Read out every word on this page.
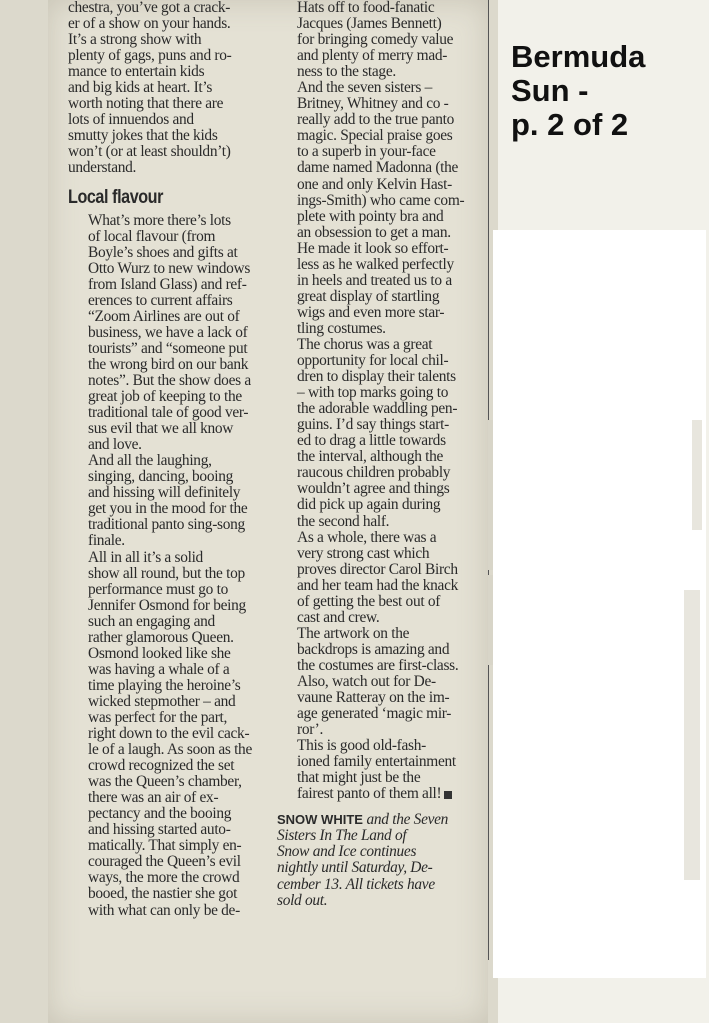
chestra, you’ve got a crack-
er of a show on your hands.
It’s a strong show with
plenty of gags, puns and ro-
mance to entertain kids
and big kids at heart. It’s
worth noting that there are
lots of innuendos and
smutty jokes that the kids
won’t (or at least shouldn’t)
understand.

Local flavour

What’s more there’s lots
of local flavour (from
Boyle’s shoes and gifts at
Otto Wurz to new windows
from Island Glass) and ref-
erences to current affairs
“Zoom Airlines are out of
business, we have a lack of
tourists” and “someone put
the wrong bird on our bank
notes”. But the show does a
great job of keeping to the
traditional tale of good ver-
sus evil that we all know
and love.

And all the laughing,
singing, dancing, booing
and hissing will definitely
get you in the mood for the
traditional panto sing-song
finale.

All in all it’s a solid
show all round, but the top
performance must go to
Jennifer Osmond for being
such an engaging and
rather glamorous Queen.

Osmond looked like she
was having a whale of a
time playing the heroine’s
wicked stepmother – and
was perfect for the part,
right down to the evil cack-
le of a laugh. As soon as the
crowd recognized the set
was the Queen’s chamber,
there was an air of ex-
pectancy and the booing
and hissing started auto-
matically. That simply en-
couraged the Queen’s evil
ways, the more the crowd
booed, the nastier she got
with what can only be de-

Hats off to food-fanatic
Jacques (James Bennett)
for bringing comedy value
and plenty of merry mad-
ness to the stage.

And the seven sisters –
Britney, Whitney and co -
really add to the true panto
magic. Special praise goes
to a superb in your-face
dame named Madonna (the
one and only Kelvin Hast-
ings-Smith) who came com-
plete with pointy bra and
an obsession to get a man.
He made it look so effort-
less as he walked perfectly
in heels and treated us to a
great display of startling
wigs and even more star-
tling costumes.

The chorus was a great
opportunity for local chil-
dren to display their talents
– with top marks going to
the adorable waddling pen-
guins. I’d say things start-
ed to drag a little towards
the interval, although the
raucous children probably
wouldn’t agree and things
did pick up again during
the second half.

As a whole, there was a
very strong cast which
proves director Carol Birch
and her team had the knack
of getting the best out of
cast and crew.

The artwork on the
backdrops is amazing and
the costumes are first-class.
Also, watch out for De-
vaune Ratteray on the im-
age generated ‘magic mir-
ror’.

This is good old-fash-
ioned family entertainment
that might just be the
fairest panto of them all!

SNOW WHITE and the Seven
Sisters In The Land of
Snow and Ice continues
nightly until Saturday, De-
cember 13. All tickets have
sold out.
Bermuda
Sun -
p. 2 of 2
